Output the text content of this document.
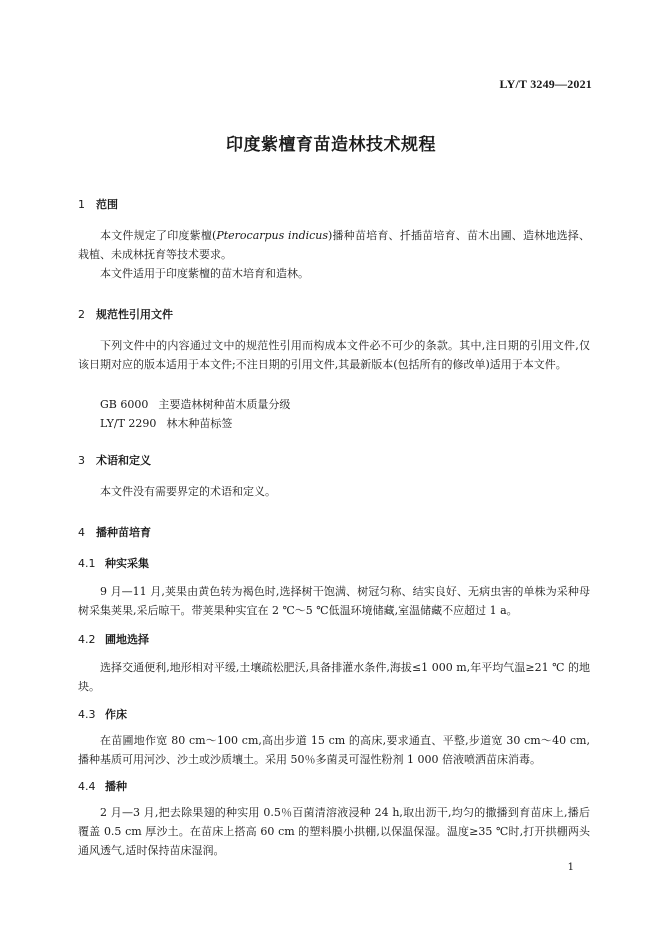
LY/T 3249—2021
印度紫檀育苗造林技术规程
1 范围
本文件规定了印度紫檀(Pterocarpus indicus)播种苗培育、扦插苗培育、苗木出圃、造林地选择、栽植、未成林抚育等技术要求。
本文件适用于印度紫檀的苗木培育和造林。
2 规范性引用文件
下列文件中的内容通过文中的规范性引用而构成本文件必不可少的条款。其中,注日期的引用文件,仅该日期对应的版本适用于本文件;不注日期的引用文件,其最新版本(包括所有的修改单)适用于本文件。
GB 6000 主要造林树种苗木质量分级
LY/T 2290 林木种苗标签
3 术语和定义
本文件没有需要界定的术语和定义。
4 播种苗培育
4.1 种实采集
9 月—11 月,荚果由黄色转为褐色时,选择树干饱满、树冠匀称、结实良好、无病虫害的单株为采种母树采集荚果,采后晾干。带荚果种实宜在 2 ℃～5 ℃低温环境储藏,室温储藏不应超过 1 a。
4.2 圃地选择
选择交通便利,地形相对平缓,土壤疏松肥沃,具备排灌水条件,海拔≤1 000 m,年平均气温≥21 ℃ 的地块。
4.3 作床
在苗圃地作宽 80 cm～100 cm,高出步道 15 cm 的高床,要求通直、平整,步道宽 30 cm～40 cm,播种基质可用河沙、沙土或沙质壤土。采用 50％多菌灵可湿性粉剂 1 000 倍液喷洒苗床消毒。
4.4 播种
2 月—3 月,把去除果翅的种实用 0.5％百菌清溶液浸种 24 h,取出沥干,均匀的撒播到育苗床上,播后覆盖 0.5 cm 厚沙土。在苗床上搭高 60 cm 的塑料膜小拱棚,以保温保湿。温度≥35 ℃时,打开拱棚两头通风透气,适时保持苗床湿润。
1
